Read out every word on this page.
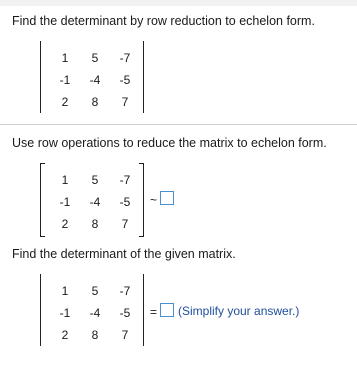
Find the determinant by row reduction to echelon form.
1	5	-7
-1	-4	-5
2	8	7
Use row operations to reduce the matrix to echelon form.
1	5	-7
-1	-4	-5
2	8	7
~
Find the determinant of the given matrix.
1	5	-7
-1	-4	-5
2	8	7
= (Simplify your answer.)
